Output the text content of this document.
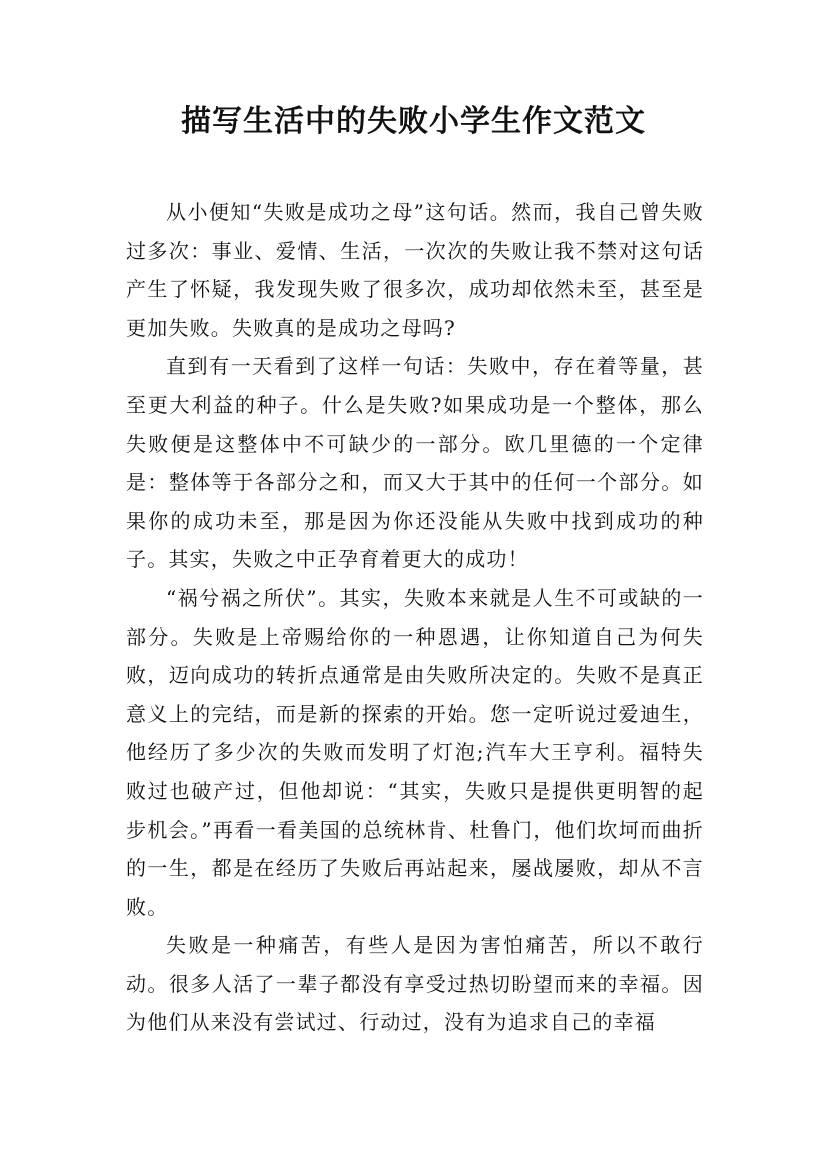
描写生活中的失败小学生作文范文

从小便知“失败是成功之母”这句话。然而，我自己曾失败过多次：事业、爱情、生活，一次次的失败让我不禁对这句话产生了怀疑，我发现失败了很多次，成功却依然未至，甚至是更加失败。失败真的是成功之母吗?

直到有一天看到了这样一句话：失败中，存在着等量，甚至更大利益的种子。什么是失败?如果成功是一个整体，那么失败便是这整体中不可缺少的一部分。欧几里德的一个定律是：整体等于各部分之和，而又大于其中的任何一个部分。如果你的成功未至，那是因为你还没能从失败中找到成功的种子。其实，失败之中正孕育着更大的成功！

“祸兮祸之所伏”。其实，失败本来就是人生不可或缺的一部分。失败是上帝赐给你的一种恩遇，让你知道自己为何失败，迈向成功的转折点通常是由失败所决定的。失败不是真正意义上的完结，而是新的探索的开始。您一定听说过爱迪生，他经历了多少次的失败而发明了灯泡;汽车大王亨利。福特失败过也破产过，但他却说：“其实，失败只是提供更明智的起步机会。”再看一看美国的总统林肯、杜鲁门，他们坎坷而曲折的一生，都是在经历了失败后再站起来，屡战屡败，却从不言败。

失败是一种痛苦，有些人是因为害怕痛苦，所以不敢行动。很多人活了一辈子都没有享受过热切盼望而来的幸福。因为他们从来没有尝试过、行动过，没有为追求自己的幸福
